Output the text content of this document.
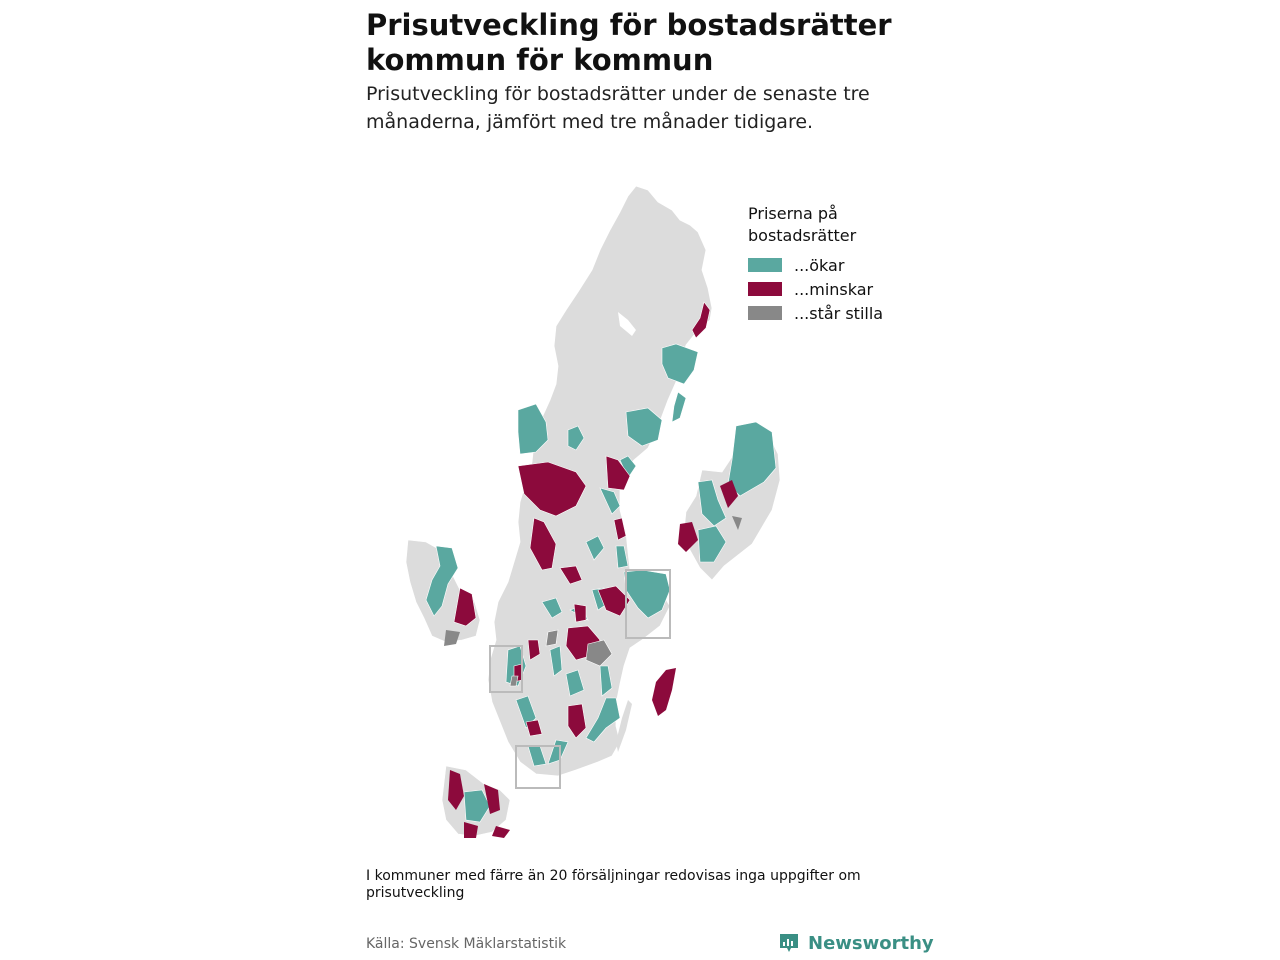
Prisutveckling för bostadsrätter kommun för kommun

Prisutveckling för bostadsrätter under de senaste tre månaderna, jämfört med tre månader tidigare.

Priserna på bostadsrätter
...ökar
...minskar
...står stilla
I kommuner med färre än 20 försäljningar redovisas inga uppgifter om prisutveckling
Källa: Svensk Mäklarstatistik	Newsworthy
